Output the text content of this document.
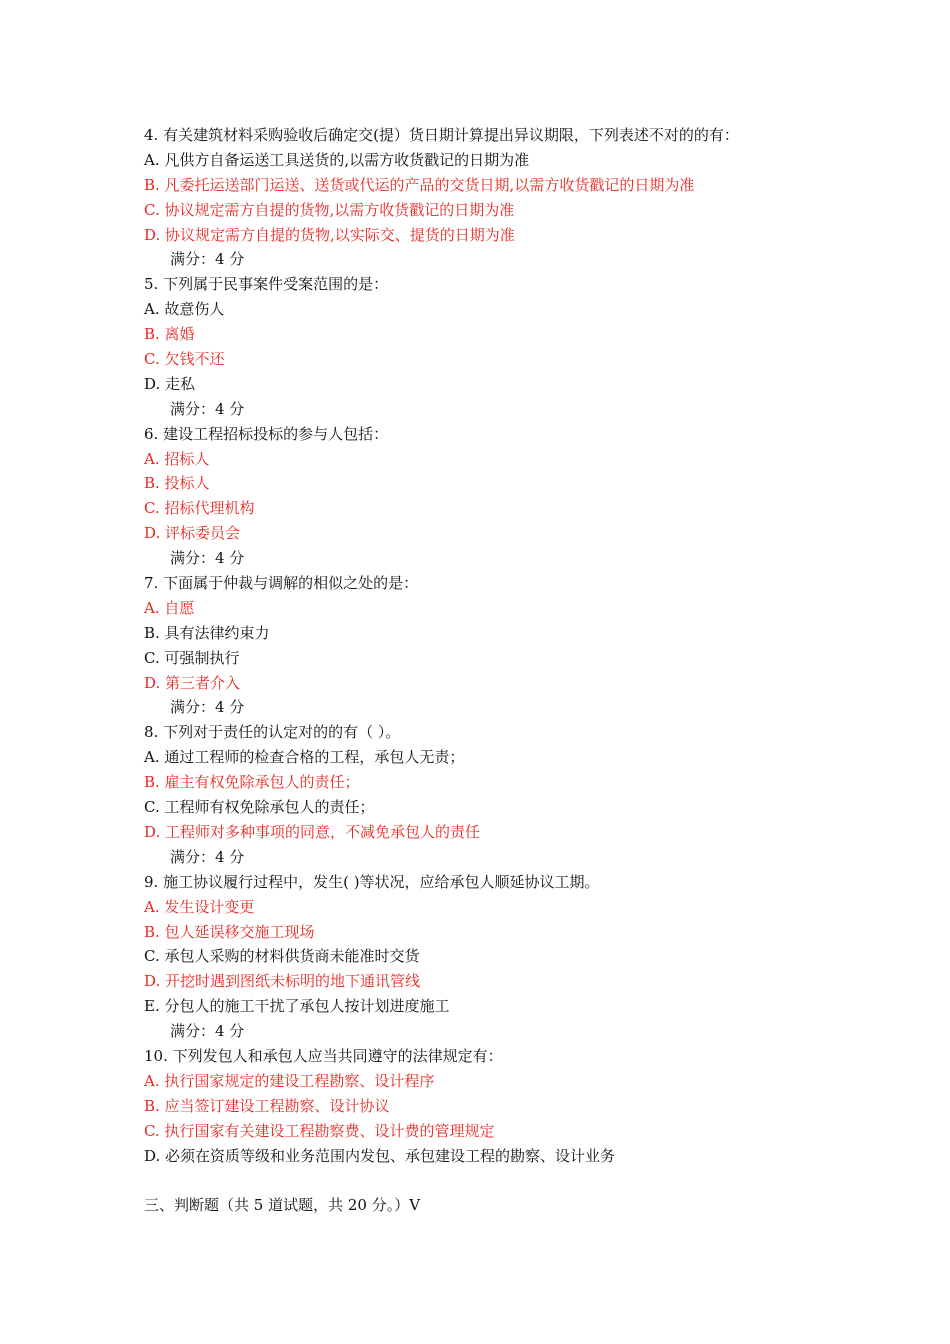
4. 有关建筑材料采购验收后确定交(提）货日期计算提出异议期限，下列表述不对的的有：
A. 凡供方自备运送工具送货的,以需方收货戳记的日期为准
B. 凡委托运送部门运送、送货或代运的产品的交货日期,以需方收货戳记的日期为准
C. 协议规定需方自提的货物,以需方收货戳记的日期为准
D. 协议规定需方自提的货物,以实际交、提货的日期为准
满分：4 分
5. 下列属于民事案件受案范围的是：
A. 故意伤人
B. 离婚
C. 欠钱不还
D. 走私
满分：4 分
6. 建设工程招标投标的参与人包括：
A. 招标人
B. 投标人
C. 招标代理机构
D. 评标委员会
满分：4 分
7. 下面属于仲裁与调解的相似之处的是：
A. 自愿
B. 具有法律约束力
C. 可强制执行
D. 第三者介入
满分：4 分
8. 下列对于责任的认定对的的有（ ）。
A. 通过工程师的检查合格的工程，承包人无责；
B. 雇主有权免除承包人的责任；
C. 工程师有权免除承包人的责任；
D. 工程师对多种事项的同意，不减免承包人的责任
满分：4 分
9. 施工协议履行过程中，发生( )等状况，应给承包人顺延协议工期。
A. 发生设计变更
B. 包人延误移交施工现场
C. 承包人采购的材料供货商未能准时交货
D. 开挖时遇到图纸未标明的地下通讯管线
E. 分包人的施工干扰了承包人按计划进度施工
满分：4 分
10. 下列发包人和承包人应当共同遵守的法律规定有：
A. 执行国家规定的建设工程勘察、设计程序
B. 应当签订建设工程勘察、设计协议
C. 执行国家有关建设工程勘察费、设计费的管理规定
D. 必须在资质等级和业务范围内发包、承包建设工程的勘察、设计业务
三、判断题（共 5 道试题，共 20 分。）V
